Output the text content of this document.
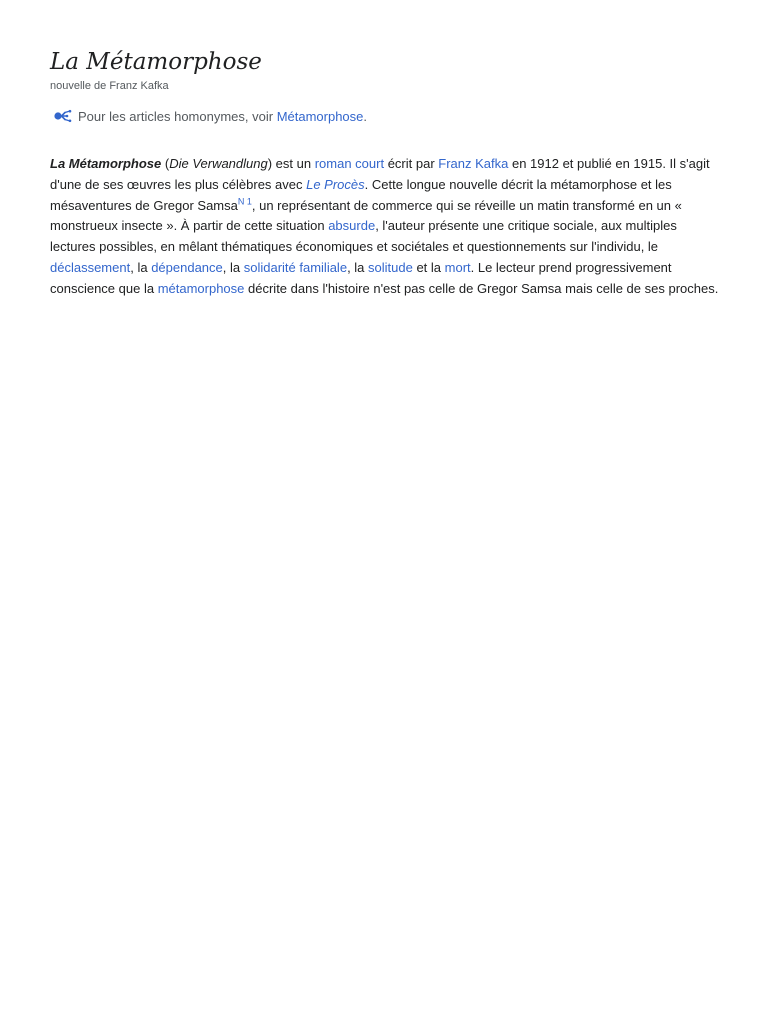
La Métamorphose
nouvelle de Franz Kafka
Pour les articles homonymes, voir Métamorphose.

La Métamorphose (Die Verwandlung) est un roman court écrit par Franz Kafka en 1912 et publié en 1915. Il s'agit d'une de ses œuvres les plus célèbres avec Le Procès. Cette longue nouvelle décrit la métamorphose et les mésaventures de Gregor Samsa$^{N 1}$, un représentant de commerce qui se réveille un matin transformé en un « monstrueux insecte ». À partir de cette situation absurde, l'auteur présente une critique sociale, aux multiples lectures possibles, en mêlant thématiques économiques et sociétales et questionnements sur l'individu, le déclassement, la dépendance, la solidarité familiale, la solitude et la mort. Le lecteur prend progressivement conscience que la métamorphose décrite dans l'histoire n'est pas celle de Gregor Samsa mais celle de ses proches.
